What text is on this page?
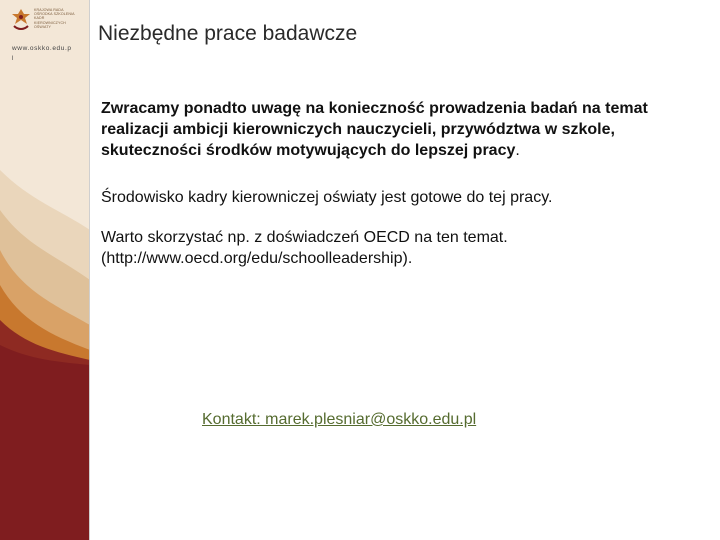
KRAJOWA RADA
OŚRODKA SZKOLENIA
KADR
KIEROWNICZYCH
OŚWIATY
www.oskko.edu.pl
Niezbędne prace badawcze

Zwracamy ponadto uwagę na konieczność prowadzenia badań na temat realizacji ambicji kierowniczych nauczycieli, przywództwa w szkole, skuteczności środków motywujących do lepszej pracy.

Środowisko kadry kierowniczej oświaty jest gotowe do tej pracy.

Warto skorzystać np. z doświadczeń OECD na ten temat.
(http://www.oecd.org/edu/schoolleadership).

Kontakt: marek.plesniar@oskko.edu.pl
